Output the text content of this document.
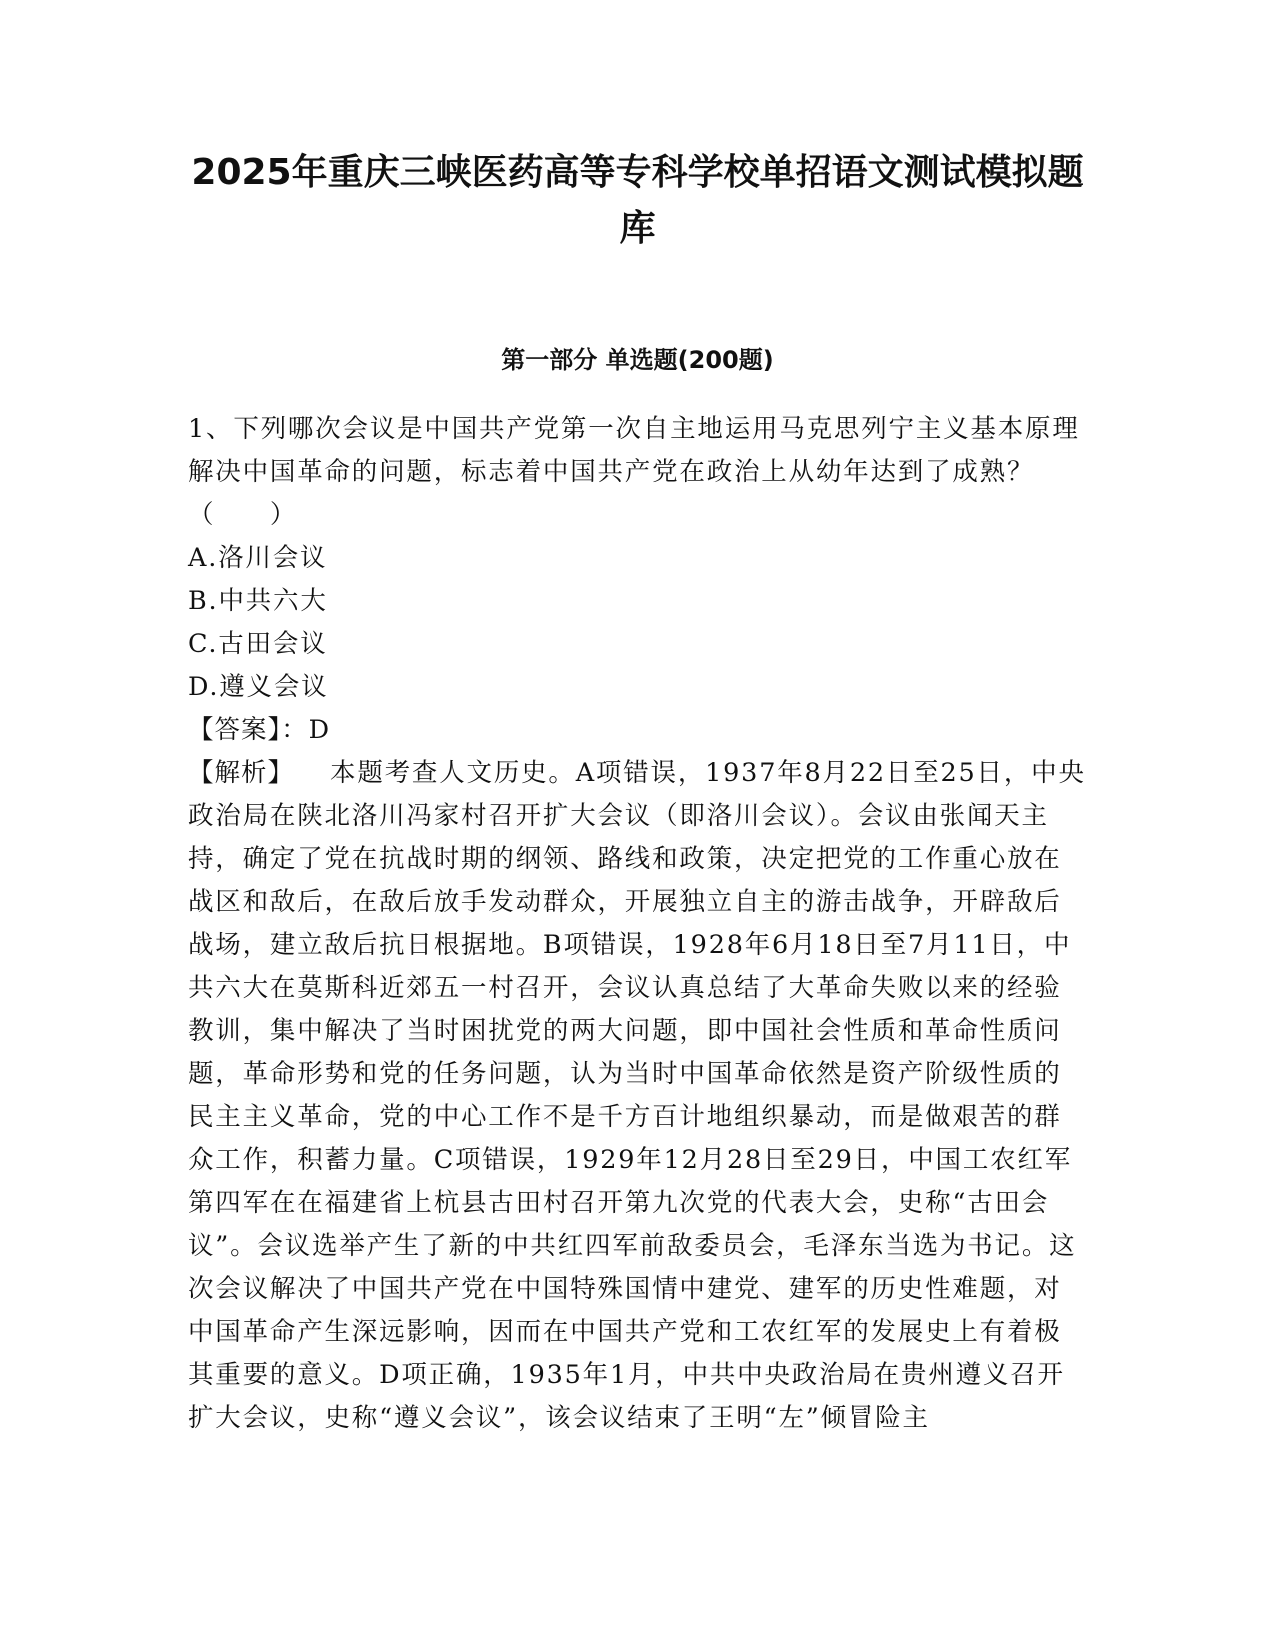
2025年重庆三峡医药高等专科学校单招语文测试模拟题库
第一部分 单选题(200题)

1、下列哪次会议是中国共产党第一次自主地运用马克思列宁主义基本原理解决中国革命的问题，标志着中国共产党在政治上从幼年达到了成熟？（　　）

A.洛川会议

B.中共六大

C.古田会议

D.遵义会议

【答案】：D

【解析】 本题考查人文历史。A项错误，1937年8月22日至25日，中央政治局在陕北洛川冯家村召开扩大会议（即洛川会议）。会议由张闻天主持，确定了党在抗战时期的纲领、路线和政策，决定把党的工作重心放在战区和敌后，在敌后放手发动群众，开展独立自主的游击战争，开辟敌后战场，建立敌后抗日根据地。B项错误，1928年6月18日至7月11日，中共六大在莫斯科近郊五一村召开，会议认真总结了大革命失败以来的经验教训，集中解决了当时困扰党的两大问题，即中国社会性质和革命性质问题，革命形势和党的任务问题，认为当时中国革命依然是资产阶级性质的民主主义革命，党的中心工作不是千方百计地组织暴动，而是做艰苦的群众工作，积蓄力量。C项错误，1929年12月28日至29日，中国工农红军第四军在在福建省上杭县古田村召开第九次党的代表大会，史称“古田会议”。会议选举产生了新的中共红四军前敌委员会，毛泽东当选为书记。这次会议解决了中国共产党在中国特殊国情中建党、建军的历史性难题，对中国革命产生深远影响，因而在中国共产党和工农红军的发展史上有着极其重要的意义。D项正确，1935年1月，中共中央政治局在贵州遵义召开扩大会议，史称“遵义会议”，该会议结束了王明“左”倾冒险主
